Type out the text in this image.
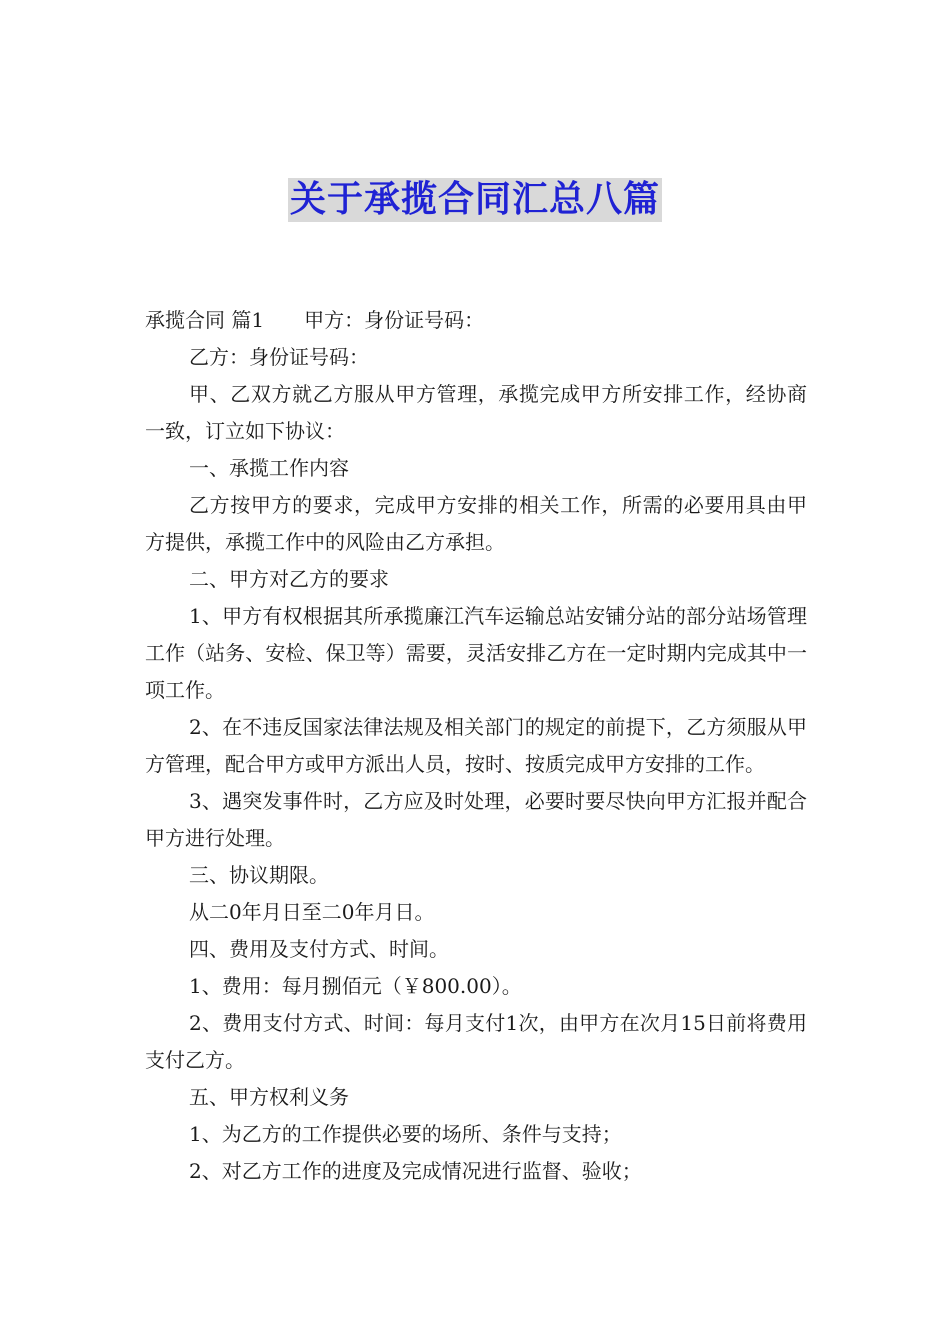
关于承揽合同汇总八篇

承揽合同 篇1　　甲方：身份证号码：

乙方：身份证号码：

甲、乙双方就乙方服从甲方管理，承揽完成甲方所安排工作，经协商一致，订立如下协议：

一、承揽工作内容

乙方按甲方的要求，完成甲方安排的相关工作，所需的必要用具由甲方提供，承揽工作中的风险由乙方承担。

二、甲方对乙方的要求

1、甲方有权根据其所承揽廉江汽车运输总站安铺分站的部分站场管理工作（站务、安检、保卫等）需要，灵活安排乙方在一定时期内完成其中一项工作。

2、在不违反国家法律法规及相关部门的规定的前提下，乙方须服从甲方管理，配合甲方或甲方派出人员，按时、按质完成甲方安排的工作。

3、遇突发事件时，乙方应及时处理，必要时要尽快向甲方汇报并配合甲方进行处理。

三、协议期限。

从二0年月日至二0年月日。

四、费用及支付方式、时间。

1、费用：每月捌佰元（￥800.00）。

2、费用支付方式、时间：每月支付1次，由甲方在次月15日前将费用支付乙方。

五、甲方权利义务

1、为乙方的工作提供必要的场所、条件与支持；

2、对乙方工作的进度及完成情况进行监督、验收；
